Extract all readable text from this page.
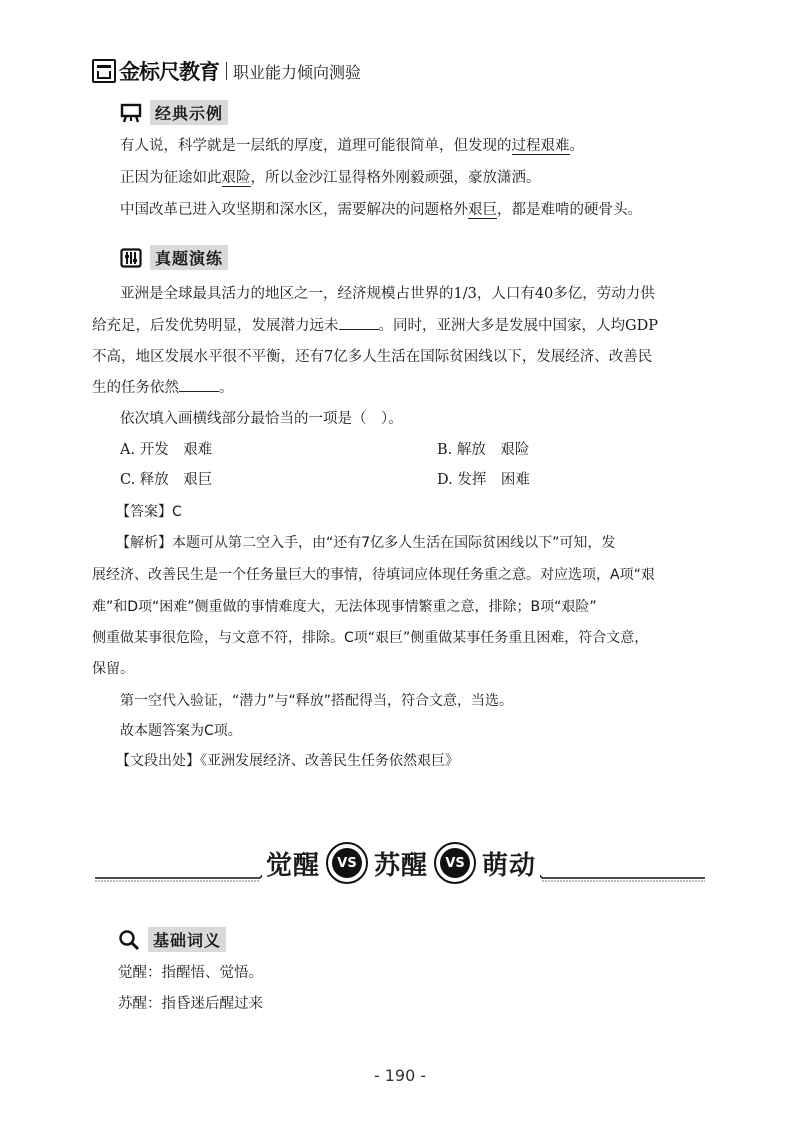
金标尺教育 职业能力倾向测验
经典示例
有人说，科学就是一层纸的厚度，道理可能很简单，但发现的过程艰难。
正因为征途如此艰险，所以金沙江显得格外刚毅顽强，豪放潇洒。
中国改革已进入攻坚期和深水区，需要解决的问题格外艰巨，都是难啃的硬骨头。
真题演练
亚洲是全球最具活力的地区之一，经济规模占世界的1/3，人口有40多亿，劳动力供
给充足，后发优势明显，发展潜力远未	。同时，亚洲大多是发展中国家，人均GDP
不高，地区发展水平很不平衡，还有7亿多人生活在国际贫困线以下，发展经济、改善民
生的任务依然	。
依次填入画横线部分最恰当的一项是（　）。
A. 开发　艰难	B. 解放　艰险
C. 释放　艰巨	D. 发挥　困难
【答案】C
【解析】本题可从第二空入手，由“还有7亿多人生活在国际贫困线以下”可知，发
展经济、改善民生是一个任务量巨大的事情，待填词应体现任务重之意。对应选项，A项“艰
难”和D项“困难”侧重做的事情难度大，无法体现事情繁重之意，排除；B项“艰险”
侧重做某事很危险，与文意不符，排除。C项“艰巨”侧重做某事任务重且困难，符合文意，
保留。
第一空代入验证，“潜力”与“释放”搭配得当，符合文意，当选。
故本题答案为C项。
【文段出处】《亚洲发展经济、改善民生任务依然艰巨》
觉醒	VS 苏醒	VS 萌动
基础词义
觉醒：指醒悟、觉悟。
苏醒：指昏迷后醒过来
- 190 -
